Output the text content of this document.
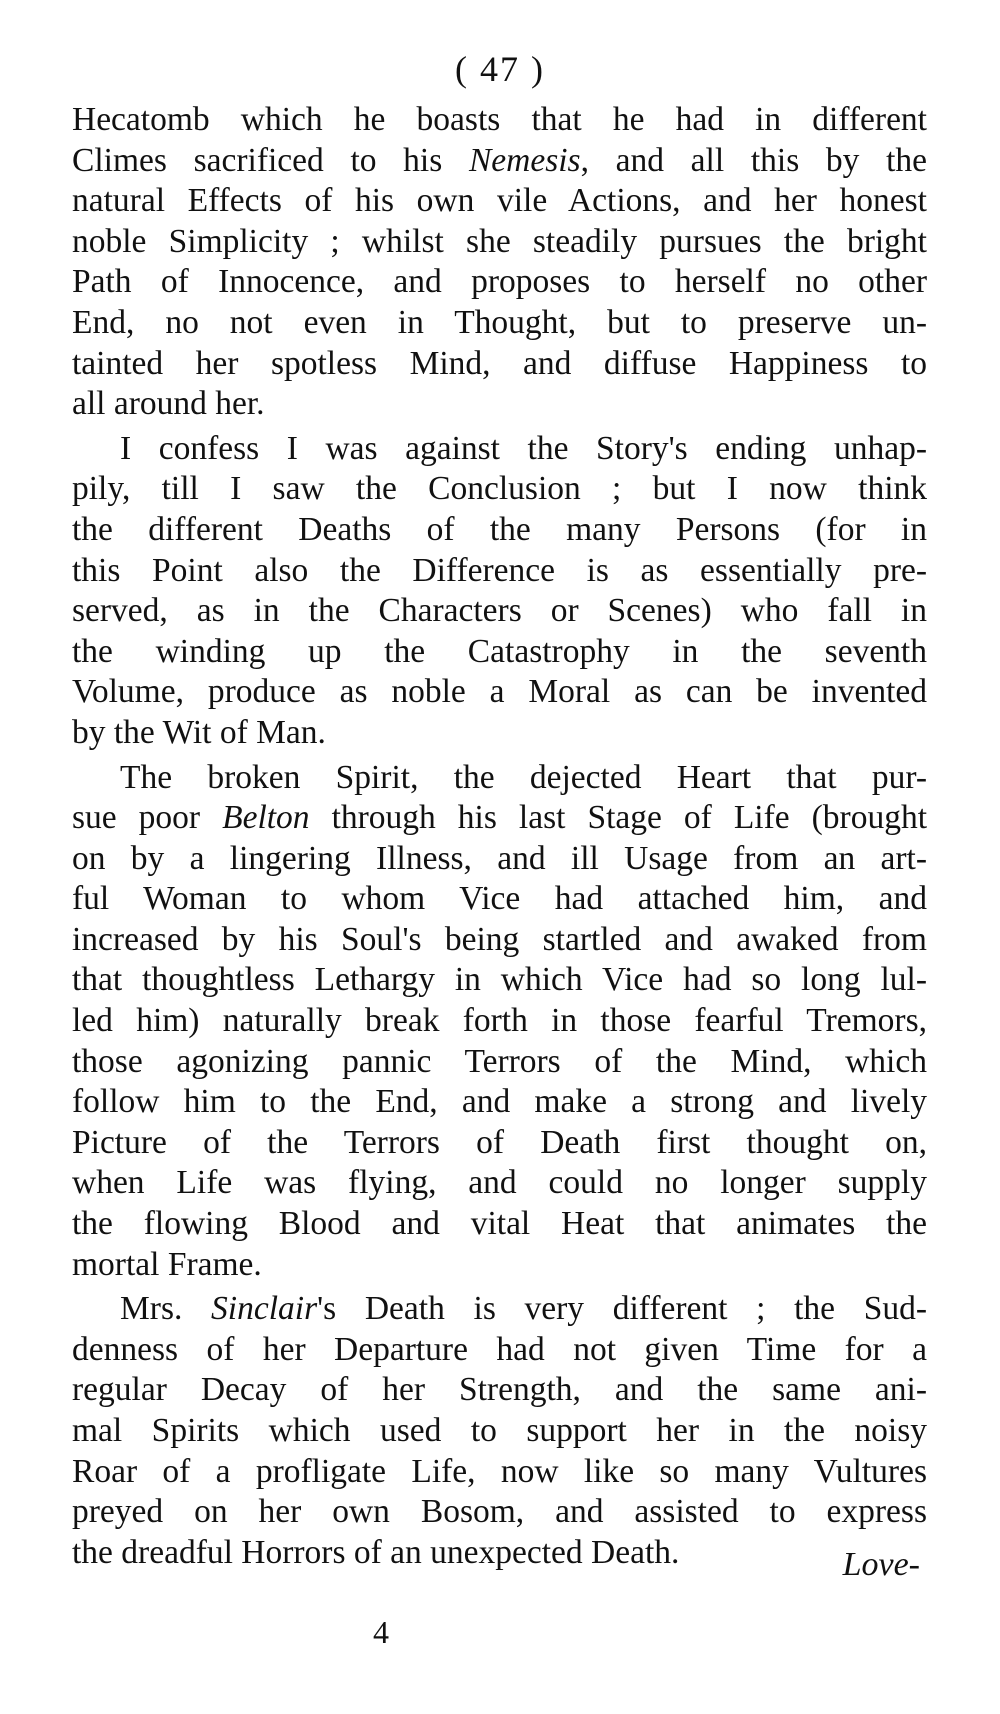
( 47 )
Hecatomb which he boasts that he had in different
Climes sacrificed to his Nemesis, and all this by the
natural Effects of his own vile Actions, and her honest
noble Simplicity ; whilst she steadily pursues the bright
Path of Innocence, and proposes to herself no other
End, no not even in Thought, but to preserve un-
tainted her spotless Mind, and diffuse Happiness to
all around her.
I confess I was against the Story's ending unhap-
pily, till I saw the Conclusion ; but I now think
the different Deaths of the many Persons (for in
this Point also the Difference is as essentially pre-
served, as in the Characters or Scenes) who fall in
the winding up the Catastrophy in the seventh
Volume, produce as noble a Moral as can be invented
by the Wit of Man.
The broken Spirit, the dejected Heart that pur-
sue poor Belton through his last Stage of Life (brought
on by a lingering Illness, and ill Usage from an art-
ful Woman to whom Vice had attached him, and
increased by his Soul's being startled and awaked from
that thoughtless Lethargy in which Vice had so long lul-
led him) naturally break forth in those fearful Tremors,
those agonizing pannic Terrors of the Mind, which
follow him to the End, and make a strong and lively
Picture of the Terrors of Death first thought on,
when Life was flying, and could no longer supply
the flowing Blood and vital Heat that animates the
mortal Frame.
Mrs. Sinclair's Death is very different ; the Sud-
denness of her Departure had not given Time for a
regular Decay of her Strength, and the same ani-
mal Spirits which used to support her in the noisy
Roar of a profligate Life, now like so many Vultures
preyed on her own Bosom, and assisted to express
the dreadful Horrors of an unexpected Death.	Love-
4
